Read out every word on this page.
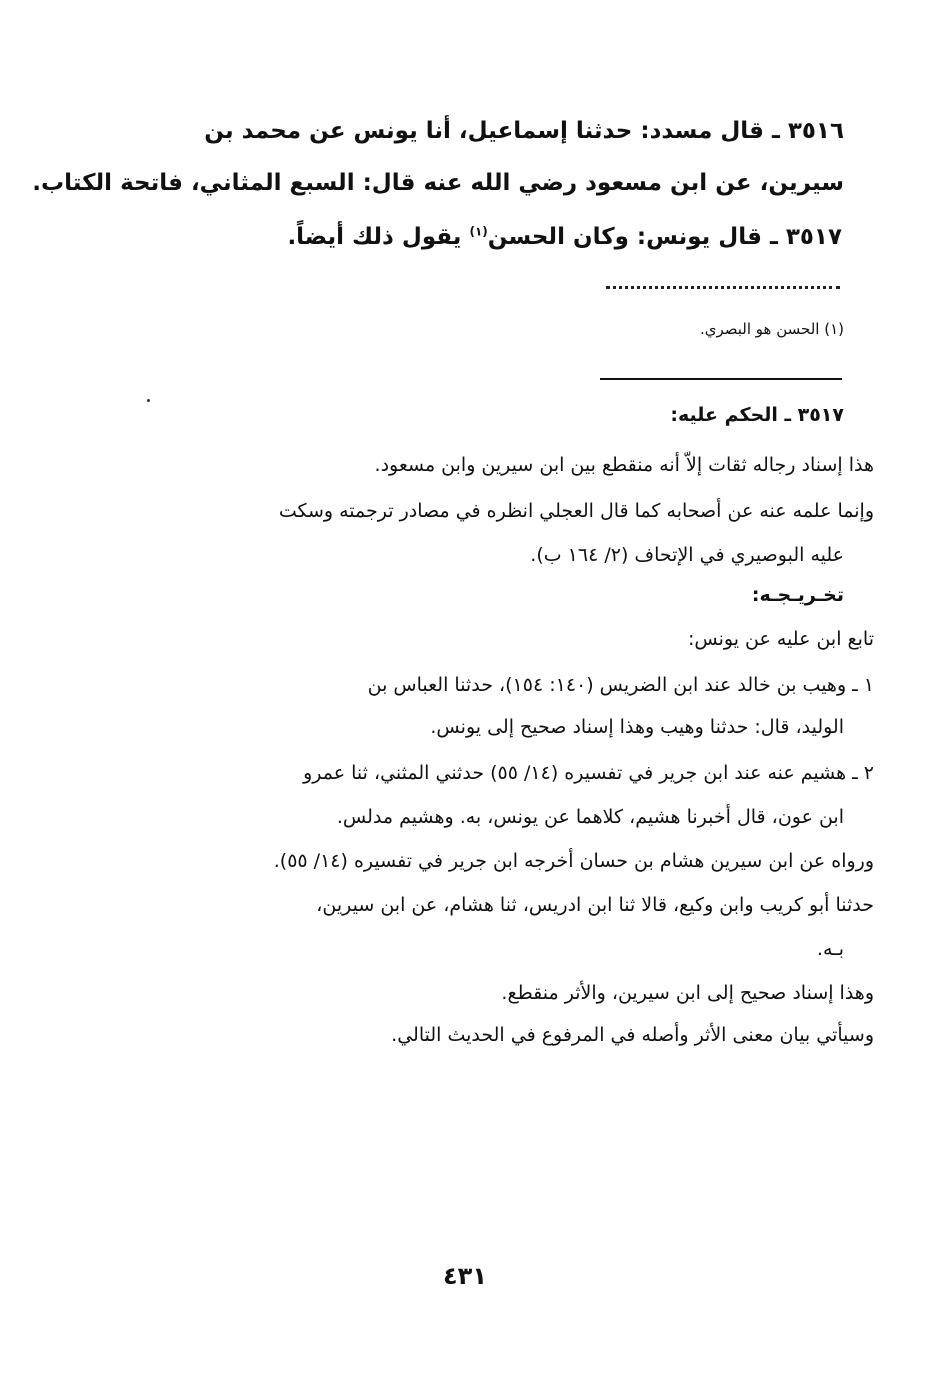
٣٥١٦ ـ قال مسدد: حدثنا إسماعيل، أنا يونس عن محمد بن
سيرين، عن ابن مسعود رضي الله عنه قال: السبع المثاني، فاتحة الكتاب.
٣٥١٧ ـ قال يونس: وكان الحسن$^{(١)}$ يقول ذلك أيضاً.
(١) الحسن هو البصري.
٣٥١٧ ـ الحكم عليه:
هذا إسناد رجاله ثقات إلاّ أنه منقطع بين ابن سيرين وابن مسعود.
وإنما علمه عنه عن أصحابه كما قال العجلي انظره في مصادر ترجمته وسكت
عليه البوصيري في الإتحاف (٢/ ١٦٤ ب).
تخـريـجـه:
تابع ابن عليه عن يونس:
١ ـ وهيب بن خالد عند ابن الضريس (١٤٠: ١٥٤)، حدثنا العباس بن
الوليد، قال: حدثنا وهيب وهذا إسناد صحيح إلى يونس.
٢ ـ هشيم عنه عند ابن جرير في تفسيره (١٤/ ٥٥) حدثني المثني، ثنا عمرو
ابن عون، قال أخبرنا هشيم، كلاهما عن يونس، به. وهشيم مدلس.
ورواه عن ابن سيرين هشام بن حسان أخرجه ابن جرير في تفسيره (١٤/ ٥٥).
حدثنا أبو كريب وابن وكيع، قالا ثنا ابن ادريس، ثنا هشام، عن ابن سيرين،
بـه.
وهذا إسناد صحيح إلى ابن سيرين، والأثر منقطع.
وسيأتي بيان معنى الأثر وأصله في المرفوع في الحديث التالي.
٤٣١
